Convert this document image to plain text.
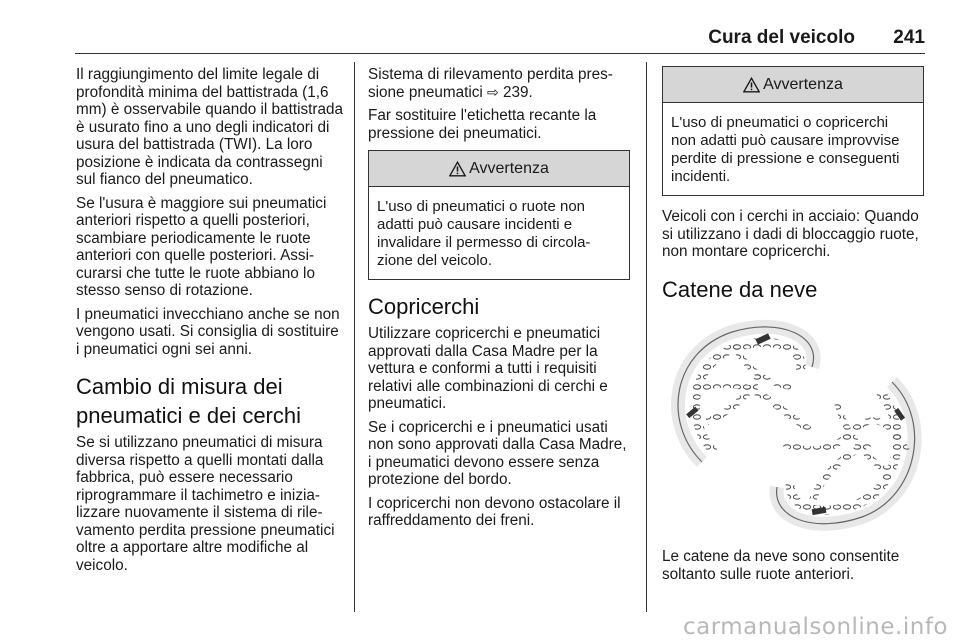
Cura del veicolo 241

Il raggiungimento del limite legale di profondità minima del battistrada (1,6 mm) è osservabile quando il battistrada è usurato fino a uno degli indicatori di usura del battistrada (TWI). La loro posizione è indicata da contrassegni sul fianco del pneumatico.

Se l'usura è maggiore sui pneumatici anteriori rispetto a quelli posteriori, scambiare periodicamente le ruote anteriori con quelle posteriori. Assicurarsi che tutte le ruote abbiano lo stesso senso di rotazione.

I pneumatici invecchiano anche se non vengono usati. Si consiglia di sostituire i pneumatici ogni sei anni.

Cambio di misura dei pneumatici e dei cerchi

Se si utilizzano pneumatici di misura diversa rispetto a quelli montati dalla fabbrica, può essere necessario riprogrammare il tachimetro e inizializzare nuovamente il sistema di rilevamento perdita pressione pneumatici oltre a apportare altre modifiche al veicolo.

Sistema di rilevamento perdita pressione pneumatici ⇨ 239.

Far sostituire l'etichetta recante la pressione dei pneumatici.

Avvertenza
L'uso di pneumatici o ruote non adatti può causare incidenti e invalidare il permesso di circolazione del veicolo.
Copricerchi

Utilizzare copricerchi e pneumatici approvati dalla Casa Madre per la vettura e conformi a tutti i requisiti relativi alle combinazioni di cerchi e pneumatici.

Se i copricerchi e i pneumatici usati non sono approvati dalla Casa Madre, i pneumatici devono essere senza protezione del bordo.

I copricerchi non devono ostacolare il raffreddamento dei freni.

Avvertenza
L'uso di pneumatici o copricerchi non adatti può causare improvvise perdite di pressione e conseguenti incidenti.

Veicoli con i cerchi in acciaio: Quando si utilizzano i dadi di bloccaggio ruote, non montare copricerchi.

Catene da neve

Le catene da neve sono consentite soltanto sulle ruote anteriori.

carmanualsonline.info
